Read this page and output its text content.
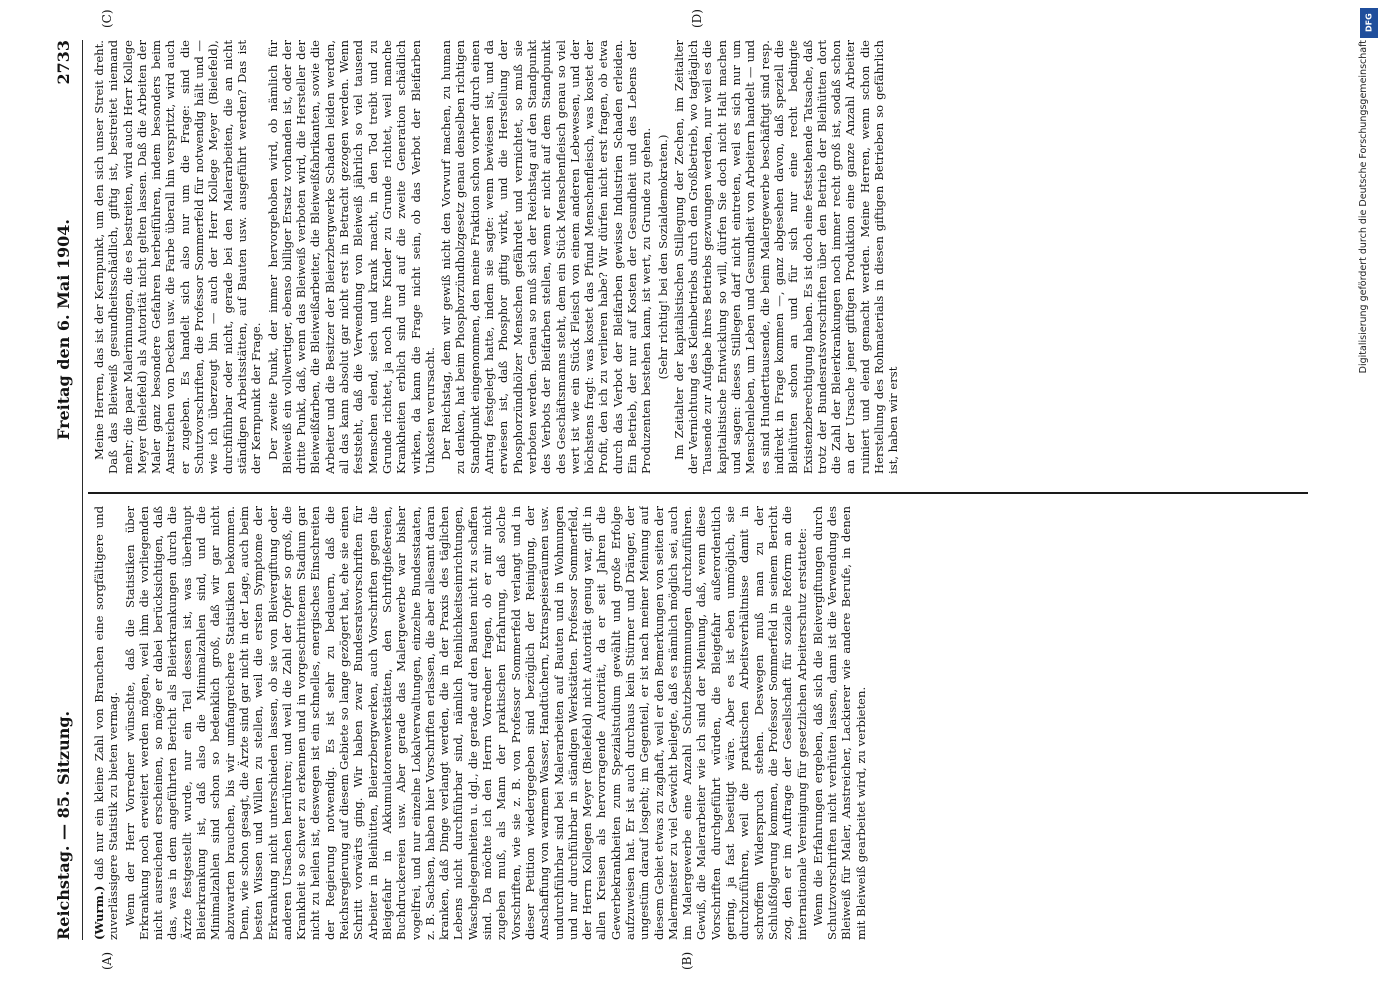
Reichstag. — 85. Sitzung.
Freitag den 6. Mai 1904.
2733
(A)	(B)
(C)	(D)

(Wurm.) daß nur ein kleine Zahl von Branchen eine sorgfältigere und zuverlässigere Statistik zu bieten vermag. Wenn der Herr Vorredner wünschte, daß die Statistiken über Erkrankung noch erweitert werden mögen, weil ihm die vorliegenden nicht ausreichend erscheinen, so möge er dabei berücksichtigen, daß das, was in dem angeführten Bericht als Bleierkrankungen durch die Ärzte festgestellt wurde, nur ein Teil dessen ist, was überhaupt Bleierkrankung ist, daß also die Minimalzahlen sind, und die Minimalzahlen sind schon so bedenklich groß, daß wir gar nicht abzuwarten brauchen, bis wir umfangreichere Statistiken bekommen. Denn, wie schon gesagt, die Ärzte sind gar nicht in der Lage, auch beim besten Wissen und Willen zu stellen, weil die ersten Symptome der Erkrankung nicht unterschieden lassen, ob sie von Bleivergiftung oder anderen Ursachen herrühren; und weil die Zahl der Opfer so groß, die Krankheit so schwer zu erkennen und in vorgeschrittenem Stadium gar nicht zu heilen ist, deswegen ist ein schnelles, energisches Einschreiten der Regierung notwendig. Es ist sehr zu bedauern, daß die Reichsregierung auf diesem Gebiete so lange gezögert hat, ehe sie einen Schritt vorwärts ging. Wir haben zwar Bundesratsvorschriften für Arbeiter in Bleihütten, Bleierzbergwerken, auch Vorschriften gegen die Bleigefahr in Akkumulatorenwerkstätten, den Schriftgießereien, Buchdruckereien usw. Aber gerade das Malergewerbe war bisher vogelfrei, und nur einzelne Lokalverwaltungen, einzelne Bundesstaaten, z. B. Sachsen, haben hier Vorschriften erlassen, die aber allesamt daran kranken, daß Dinge verlangt werden, die in der Praxis des täglichen Lebens nicht durchführbar sind, nämlich Reinlichkeitseinrichtungen, Waschgelegenheiten u. dgl., die gerade auf den Bauten nicht zu schaffen sind. Da möchte ich den Herrn Vorredner fragen, ob er mir nicht zugeben muß, als Mann der praktischen Erfahrung, daß solche Vorschriften, wie sie z. B. von Professor Sommerfeld verlangt und in dieser Petition wiedergegeben sind bezüglich der Reinigung, der Anschaffung von warmem Wasser, Handtüchern, Extraspeiseräumen usw. undurchführbar sind bei Malerarbeiten auf Bauten und in Wohnungen und nur durchführbar in ständigen Werkstätten. Professor Sommerfeld, der Herrn Kollegen Meyer (Bielefeld) nicht Autorität genug war, gilt in allen Kreisen als hervorragende Autorität, da er seit Jahren die Gewerbekrankheiten zum Spezialstudium gewählt und große Erfolge aufzuweisen hat. Er ist auch durchaus kein Stürmer und Dränger, der ungestüm darauf losgeht; im Gegenteil, er ist nach meiner Meinung auf diesem Gebiet etwas zu zaghaft, weil er den Bemerkungen von seiten der Malermeister zu viel Gewicht beilegte, daß es nämlich möglich sei, auch im Malergewerbe eine Anzahl Schutzbestimmungen durchzuführen. Gewiß, die Malerarbeiter wie ich sind der Meinung, daß, wenn diese Vorschriften durchgeführt würden, die Bleigefahr außerordentlich gering, ja fast beseitigt wäre. Aber es ist eben unmöglich, sie durchzuführen, weil die praktischen Arbeitsverhältnisse damit in schroffem Widerspruch stehen. Deswegen muß man zu der Schlußfolgerung kommen, die Professor Sommerfeld in seinem Bericht zog, den er im Auftrage der Gesellschaft für soziale Reform an die internationale Vereinigung für gesetzlichen Arbeiterschutz erstattete: Wenn die Erfahrungen ergeben, daß sich die Bleivergiftungen durch Schutzvorschriften nicht verhüten lassen, dann ist die Verwendung des Bleiweiß für Maler, Anstreicher, Lackierer wie andere Berufe, in denen mit Bleiweiß gearbeitet wird, zu verbieten.

Meine Herren, das ist der Kernpunkt, um den sich unser Streit dreht. Daß das Bleiweiß gesundheitsschädlich, giftig ist, bestreitet niemand mehr; die paar Malerinnungen, die es bestreiten, wird auch Herr Kollege Meyer (Bielefeld) als Autorität nicht gelten lassen. Daß die Arbeiten der Maler ganz besondere Gefahren herbeiführen, indem besonders beim Anstreichen von Decken usw. die Farbe überall hin verspritzt, wird auch er zugeben. Es handelt sich also nur um die Frage: sind die Schutzvorschriften, die Professor Sommerfeld für notwendig hält und — wie ich überzeugt bin — auch der Herr Kollege Meyer (Bielefeld), durchführbar oder nicht, gerade bei den Malerarbeiten, die an nicht ständigen Arbeitsstätten, auf Bauten usw. ausgeführt werden? Das ist der Kernpunkt der Frage. Der zweite Punkt, der immer hervorgehoben wird, ob nämlich für Bleiweiß ein vollwertiger, ebenso billiger Ersatz vorhanden ist, oder der dritte Punkt, daß, wenn das Bleiweiß verboten wird, die Hersteller der Bleiweißfarben, die Bleiweißarbeiter, die Bleiweißfabrikanten, sowie die Arbeiter und die Besitzer der Bleierzbergwerke Schaden leiden werden, all das kann absolut gar nicht erst in Betracht gezogen werden. Wenn feststeht, daß die Verwendung von Bleiweiß jährlich so viel tausend Menschen elend, siech und krank macht, in den Tod treibt und zu Grunde richtet, ja noch ihre Kinder zu Grunde richtet, weil manche Krankheiten erblich sind und auf die zweite Generation schädlich wirken, da kann die Frage nicht sein, ob das Verbot der Bleifarben Unkosten verursacht. Der Reichstag, dem wir gewiß nicht den Vorwurf machen, zu human zu denken, hat beim Phosphorzündholzgesetz genau denselben richtigen Standpunkt eingenommen, den meine Fraktion schon vorher durch einen Antrag festgelegt hatte, indem sie sagte: wenn bewiesen ist, und da erwiesen ist, daß Phosphor giftig wirkt, und die Herstellung der Phosphorzündhölzer Menschen gefährdet und vernichtet, so muß sie verboten werden. Genau so muß sich der Reichstag auf den Standpunkt des Verbots der Bleifarben stellen, wenn er nicht auf dem Standpunkt des Geschäftsmanns steht, dem ein Stück Menschenfleisch genau so viel wert ist wie ein Stück Fleisch von einem anderen Lebewesen, und der höchstens fragt: was kostet das Pfund Menschenfleisch, was kostet der Profit, den ich zu verlieren habe? Wir dürfen nicht erst fragen, ob etwa durch das Verbot der Bleifarben gewisse Industrien Schaden erleiden. Ein Betrieb, der nur auf Kosten der Gesundheit und des Lebens der Produzenten bestehen kann, ist wert, zu Grunde zu gehen. (Sehr richtig! bei den Sozialdemokraten.) Im Zeitalter der kapitalistischen Stillegung der Zechen, im Zeitalter der Vernichtung des Kleinbetriebs durch den Großbetrieb, wo tagtäglich Tausende zur Aufgabe ihres Betriebs gezwungen werden, nur weil es die kapitalistische Entwicklung so will, dürfen Sie doch nicht Halt machen und sagen: dieses Stillegen darf nicht eintreten, weil es sich nur um Menschenleben, um Leben und Gesundheit von Arbeitern handelt — und es sind Hunderttausende, die beim Malergewerbe beschäftigt sind resp. indirekt in Frage kommen —, ganz abgesehen davon, daß speziell die Bleihütten schon an und für sich nur eine recht bedingte Existenzberechtigung haben. Es ist doch eine feststehende Tatsache, daß trotz der Bundesratsvorschriften über den Betrieb der Bleihütten dort die Zahl der Bleierkrankungen noch immer recht groß ist, sodaß schon an der Ursache jener giftigen Produktion eine ganze Anzahl Arbeiter ruiniert und elend gemacht werden. Meine Herren, wenn schon die Herstellung des Rohmaterials in diesen giftigen Betrieben so gefährlich ist, haben wir erst

DFG
Digitalisierung gefördert durch die Deutsche Forschungsgemeinschaft
